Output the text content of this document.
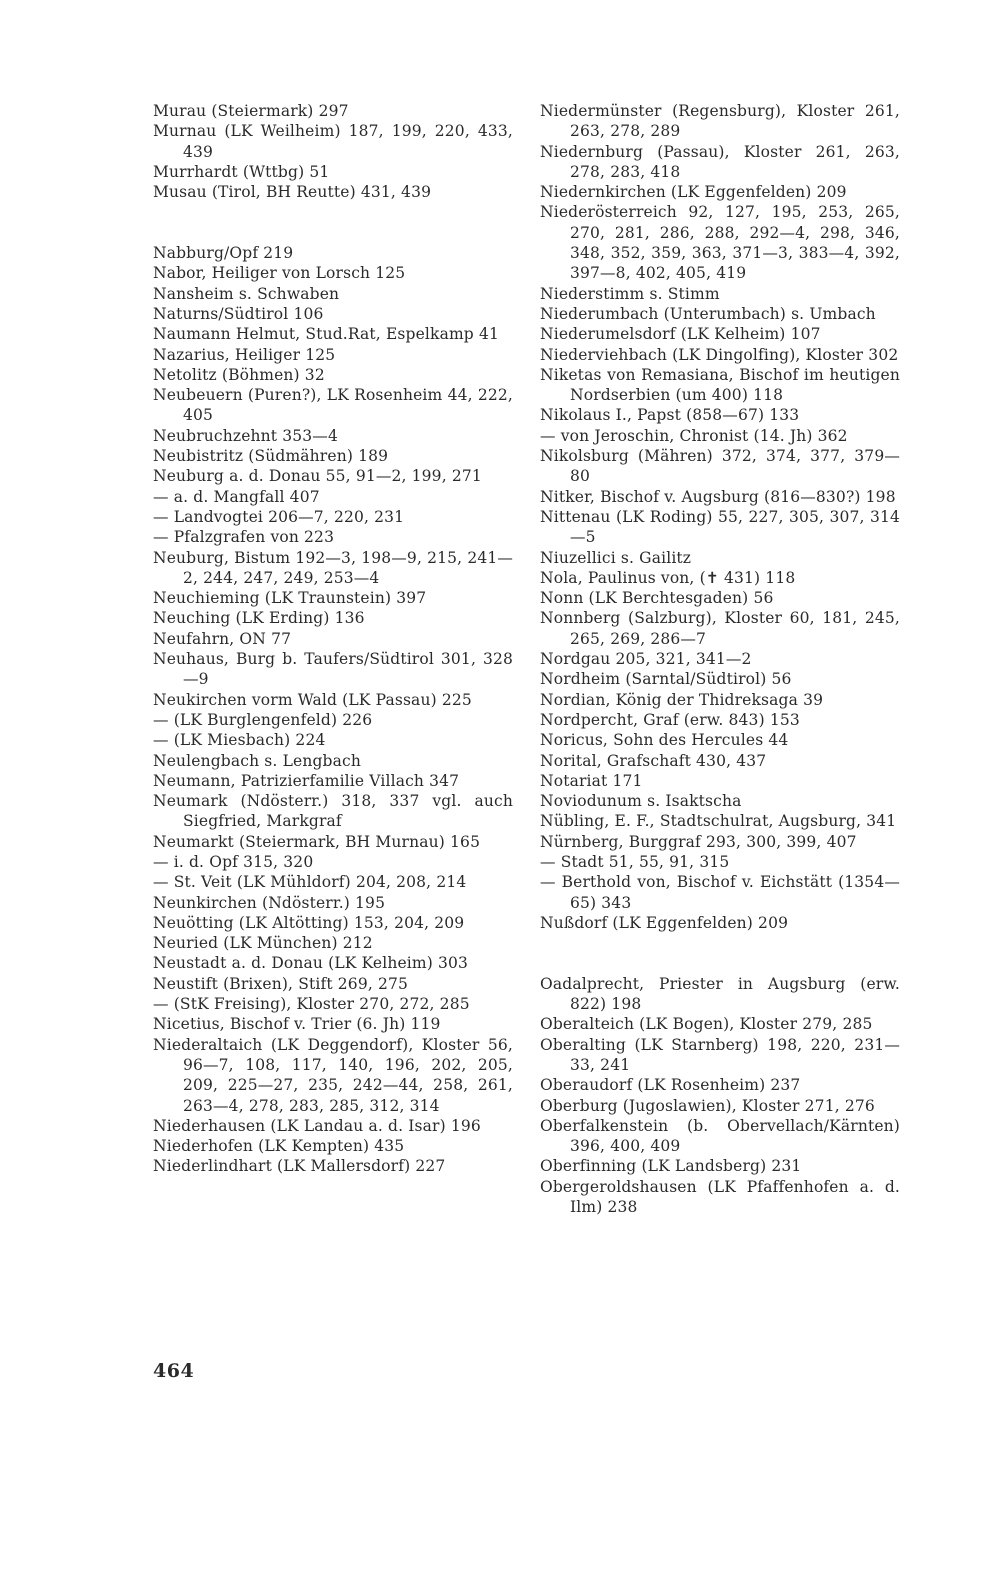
Murau (Steiermark) 297
Murnau (LK Weilheim) 187, 199, 220, 433, 439
Murrhardt (Wttbg) 51
Musau (Tirol, BH Reutte) 431, 439
Nabburg/Opf 219
Nabor, Heiliger von Lorsch 125
Nansheim s. Schwaben
Naturns/Südtirol 106
Naumann Helmut, Stud.Rat, Espelkamp 41
Nazarius, Heiliger 125
Netolitz (Böhmen) 32
Neubeuern (Puren?), LK Rosenheim 44, 222, 405
Neubruchzehnt 353—4
Neubistritz (Südmähren) 189
Neuburg a. d. Donau 55, 91—2, 199, 271
— a. d. Mangfall 407
— Landvogtei 206—7, 220, 231
— Pfalzgrafen von 223
Neuburg, Bistum 192—3, 198—9, 215, 241—2, 244, 247, 249, 253—4
Neuchieming (LK Traunstein) 397
Neuching (LK Erding) 136
Neufahrn, ON 77
Neuhaus, Burg b. Taufers/Südtirol 301, 328—9
Neukirchen vorm Wald (LK Passau) 225
— (LK Burglengenfeld) 226
— (LK Miesbach) 224
Neulengbach s. Lengbach
Neumann, Patrizierfamilie Villach 347
Neumark (Ndösterr.) 318, 337 vgl. auch Siegfried, Markgraf
Neumarkt (Steiermark, BH Murnau) 165
— i. d. Opf 315, 320
— St. Veit (LK Mühldorf) 204, 208, 214
Neunkirchen (Ndösterr.) 195
Neuötting (LK Altötting) 153, 204, 209
Neuried (LK München) 212
Neustadt a. d. Donau (LK Kelheim) 303
Neustift (Brixen), Stift 269, 275
— (StK Freising), Kloster 270, 272, 285
Nicetius, Bischof v. Trier (6. Jh) 119
Niederaltaich (LK Deggendorf), Kloster 56, 96—7, 108, 117, 140, 196, 202, 205, 209, 225—27, 235, 242—44, 258, 261, 263—4, 278, 283, 285, 312, 314
Niederhausen (LK Landau a. d. Isar) 196
Niederhofen (LK Kempten) 435
Niederlindhart (LK Mallersdorf) 227
Niedermünster (Regensburg), Kloster 261, 263, 278, 289
Niedernburg (Passau), Kloster 261, 263, 278, 283, 418
Niedernkirchen (LK Eggenfelden) 209
Niederösterreich 92, 127, 195, 253, 265, 270, 281, 286, 288, 292—4, 298, 346, 348, 352, 359, 363, 371—3, 383—4, 392, 397—8, 402, 405, 419
Niederstimm s. Stimm
Niederumbach (Unterumbach) s. Umbach
Niederumelsdorf (LK Kelheim) 107
Niederviehbach (LK Dingolfing), Kloster 302
Niketas von Remasiana, Bischof im heutigen Nordserbien (um 400) 118
Nikolaus I., Papst (858—67) 133
— von Jeroschin, Chronist (14. Jh) 362
Nikolsburg (Mähren) 372, 374, 377, 379—80
Nitker, Bischof v. Augsburg (816—830?) 198
Nittenau (LK Roding) 55, 227, 305, 307, 314—5
Niuzellici s. Gailitz
Nola, Paulinus von, (✝ 431) 118
Nonn (LK Berchtesgaden) 56
Nonnberg (Salzburg), Kloster 60, 181, 245, 265, 269, 286—7
Nordgau 205, 321, 341—2
Nordheim (Sarntal/Südtirol) 56
Nordian, König der Thidreksaga 39
Nordpercht, Graf (erw. 843) 153
Noricus, Sohn des Hercules 44
Norital, Grafschaft 430, 437
Notariat 171
Noviodunum s. Isaktscha
Nübling, E. F., Stadtschulrat, Augsburg, 341
Nürnberg, Burggraf 293, 300, 399, 407
— Stadt 51, 55, 91, 315
— Berthold von, Bischof v. Eichstätt (1354—65) 343
Nußdorf (LK Eggenfelden) 209
Oadalprecht, Priester in Augsburg (erw. 822) 198
Oberalteich (LK Bogen), Kloster 279, 285
Oberalting (LK Starnberg) 198, 220, 231—33, 241
Oberaudorf (LK Rosenheim) 237
Oberburg (Jugoslawien), Kloster 271, 276
Oberfalkenstein (b. Obervellach/Kärnten) 396, 400, 409
Oberfinning (LK Landsberg) 231
Obergeroldshausen (LK Pfaffenhofen a. d. Ilm) 238
464
